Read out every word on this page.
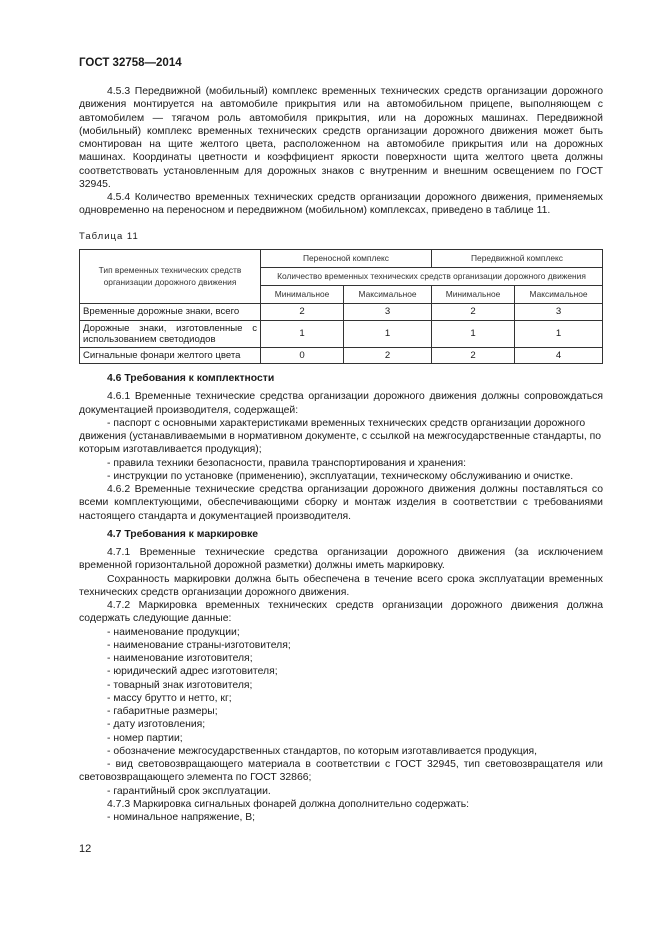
ГОСТ 32758—2014

4.5.3 Передвижной (мобильный) комплекс временных технических средств организации дорожного движения монтируется на автомобиле прикрытия или на автомобильном прицепе, выполняющем с автомобилем — тягачом роль автомобиля прикрытия, или на дорожных машинах. Передвижной (мобильный) комплекс временных технических средств организации дорожного движения может быть смонтирован на щите желтого цвета, расположенном на автомобиле прикрытия или на дорожных машинах. Координаты цветности и коэффициент яркости поверхности щита желтого цвета должны соответствовать установленным для дорожных знаков с внутренним и внешним освещением по ГОСТ 32945.

4.5.4 Количество временных технических средств организации дорожного движения, применяемых одновременно на переносном и передвижном (мобильном) комплексах, приведено в таблице 11.

Таблица 11

Тип временных технических средств организации дорожного движения	Переносной комплекс		Передвижной комплекс	
	Количество временных технических средств организации дорожного движения			
	Минимальное	Максимальное	Минимальное	Максимальное
Временные дорожные знаки, всего	2	3	2	3
Дорожные знаки, изготовленные с использованием светодиодов	1	1	1	1
Сигнальные фонари желтого цвета	0	2	2	4

4.6 Требования к комплектности

4.6.1 Временные технические средства организации дорожного движения должны сопровождаться документацией производителя, содержащей:

- паспорт с основными характеристиками временных технических средств организации дорожного движения (устанавливаемыми в нормативном документе, с ссылкой на межгосударственные стандарты, по которым изготавливается продукция);

- правила техники безопасности, правила транспортирования и хранения:

- инструкции по установке (применению), эксплуатации, техническому обслуживанию и очистке.

4.6.2 Временные технические средства организации дорожного движения должны поставляться со всеми комплектующими, обеспечивающими сборку и монтаж изделия в соответствии с требованиями настоящего стандарта и документацией производителя.

4.7 Требования к маркировке

4.7.1 Временные технические средства организации дорожного движения (за исключением временной горизонтальной дорожной разметки) должны иметь маркировку.

Сохранность маркировки должна быть обеспечена в течение всего срока эксплуатации временных технических средств организации дорожного движения.

4.7.2 Маркировка временных технических средств организации дорожного движения должна содержать следующие данные:

- наименование продукции;

- наименование страны-изготовителя;

- наименование изготовителя;

- юридический адрес изготовителя;

- товарный знак изготовителя;

- массу брутто и нетто, кг;

- габаритные размеры;

- дату изготовления;

- номер партии;

- обозначение межгосударственных стандартов, по которым изготавливается продукция,

- вид световозвращающего материала в соответствии с ГОСТ 32945, тип световозвращателя или световозвращающего элемента по ГОСТ 32866;

- гарантийный срок эксплуатации.

4.7.3 Маркировка сигнальных фонарей должна дополнительно содержать:

- номинальное напряжение, В;

12
